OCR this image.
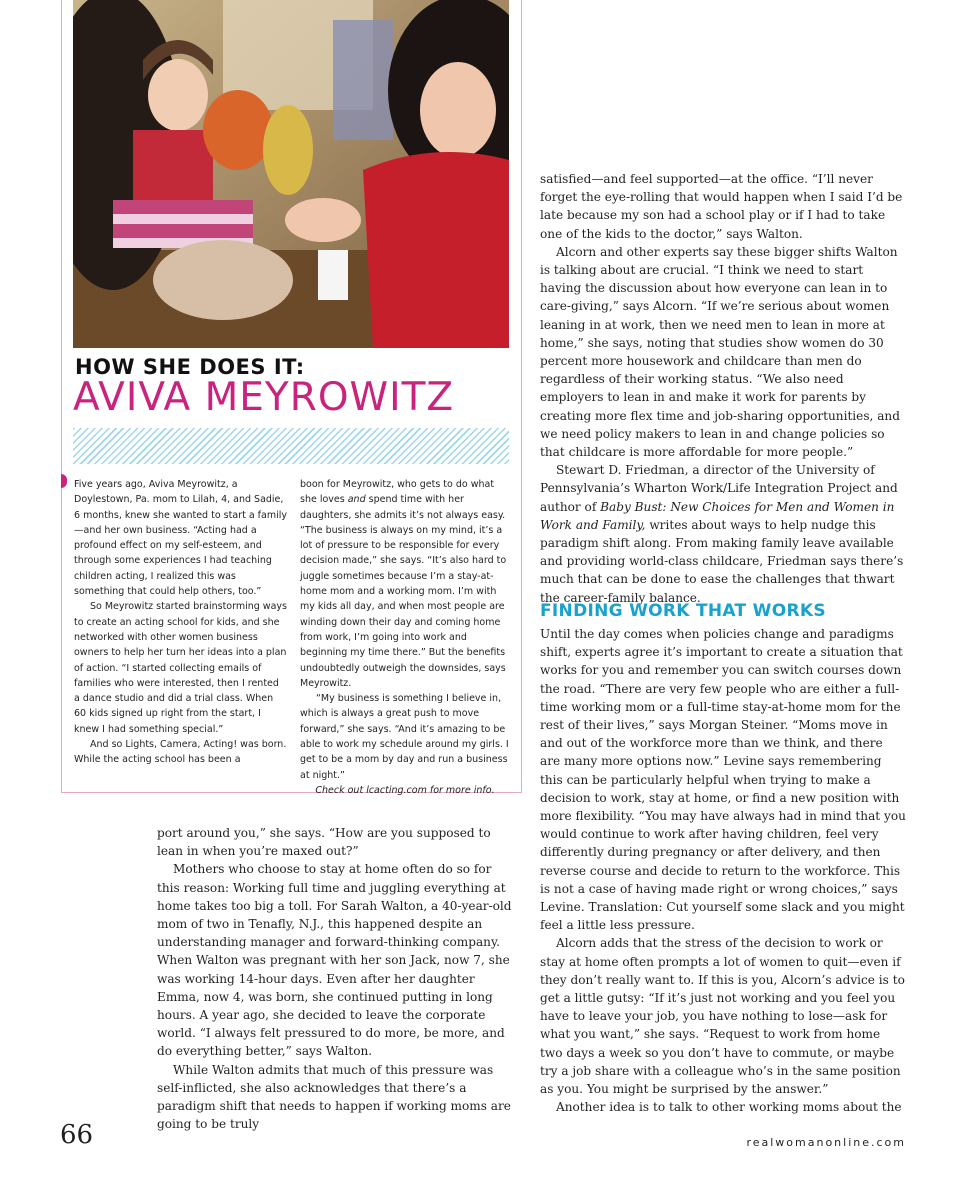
HOW SHE DOES IT:
AVIVA MEYROWITZ

Five years ago, Aviva Meyrowitz, a Doylestown, Pa. mom to Lilah, 4, and Sadie, 6 months, knew she wanted to start a family—and her own business. “Acting had a profound effect on my self-esteem, and through some experiences I had teaching children acting, I realized this was something that could help others, too.”

So Meyrowitz started brainstorming ways to create an acting school for kids, and she networked with other women business owners to help her turn her ideas into a plan of action. “I started collecting emails of families who were interested, then I rented a dance studio and did a trial class. When 60 kids signed up right from the start, I knew I had something special.”

And so Lights, Camera, Acting! was born. While the acting school has been a

boon for Meyrowitz, who gets to do what she loves and spend time with her daughters, she admits it’s not always easy. “The business is always on my mind, it’s a lot of pressure to be responsible for every decision made,” she says. “It’s also hard to juggle sometimes because I’m a stay-at-home mom and a working mom. I’m with my kids all day, and when most people are winding down their day and coming home from work, I’m going into work and beginning my time there.” But the benefits undoubtedly outweigh the downsides, says Meyrowitz.

“My business is something I believe in, which is always a great push to move forward,” she says. “And it’s amazing to be able to work my schedule around my girls. I get to be a mom by day and run a business at night.”

Check out lcacting.com for more info.

port around you,” she says. “How are you supposed to lean in when you’re maxed out?”

Mothers who choose to stay at home often do so for this reason: Working full time and juggling everything at home takes too big a toll. For Sarah Walton, a 40-year-old mom of two in Tenafly, N.J., this happened despite an understanding manager and forward-thinking company. When Walton was pregnant with her son Jack, now 7, she was working 14-hour days. Even after her daughter Emma, now 4, was born, she continued putting in long hours. A year ago, she decided to leave the corporate world. “I always felt pressured to do more, be more, and do everything better,” says Walton.

While Walton admits that much of this pressure was self-inflicted, she also acknowledges that there’s a paradigm shift that needs to happen if working moms are going to be truly

satisfied—and feel supported—at the office. “I’ll never forget the eye-rolling that would happen when I said I’d be late because my son had a school play or if I had to take one of the kids to the doctor,” says Walton.

Alcorn and other experts say these bigger shifts Walton is talking about are crucial. “I think we need to start having the discussion about how everyone can lean in to care-giving,” says Alcorn. “If we’re serious about women leaning in at work, then we need men to lean in more at home,” she says, noting that studies show women do 30 percent more housework and childcare than men do regardless of their working status. “We also need employers to lean in and make it work for parents by creating more flex time and job-sharing opportunities, and we need policy makers to lean in and change policies so that childcare is more affordable for more people.”

Stewart D. Friedman, a director of the University of Pennsylvania’s Wharton Work/Life Integration Project and author of Baby Bust: New Choices for Men and Women in Work and Family, writes about ways to help nudge this paradigm shift along. From making family leave available and providing world-class childcare, Friedman says there’s much that can be done to ease the challenges that thwart the career-family balance.

FINDING WORK THAT WORKS

Until the day comes when policies change and paradigms shift, experts agree it’s important to create a situation that works for you and remember you can switch courses down the road. “There are very few people who are either a full-time working mom or a full-time stay-at-home mom for the rest of their lives,” says Morgan Steiner. “Moms move in and out of the workforce more than we think, and there are many more options now.” Levine says remembering this can be particularly helpful when trying to make a decision to work, stay at home, or find a new position with more flexibility. “You may have always had in mind that you would continue to work after having children, feel very differently during pregnancy or after delivery, and then reverse course and decide to return to the workforce. This is not a case of having made right or wrong choices,” says Levine. Translation: Cut yourself some slack and you might feel a little less pressure.

Alcorn adds that the stress of the decision to work or stay at home often prompts a lot of women to quit—even if they don’t really want to. If this is you, Alcorn’s advice is to get a little gutsy: “If it’s just not working and you feel you have to leave your job, you have nothing to lose—ask for what you want,” she says. “Request to work from home two days a week so you don’t have to commute, or maybe try a job share with a colleague who’s in the same position as you. You might be surprised by the answer.”

Another idea is to talk to other working moms about the

66	realwomanonline.com
